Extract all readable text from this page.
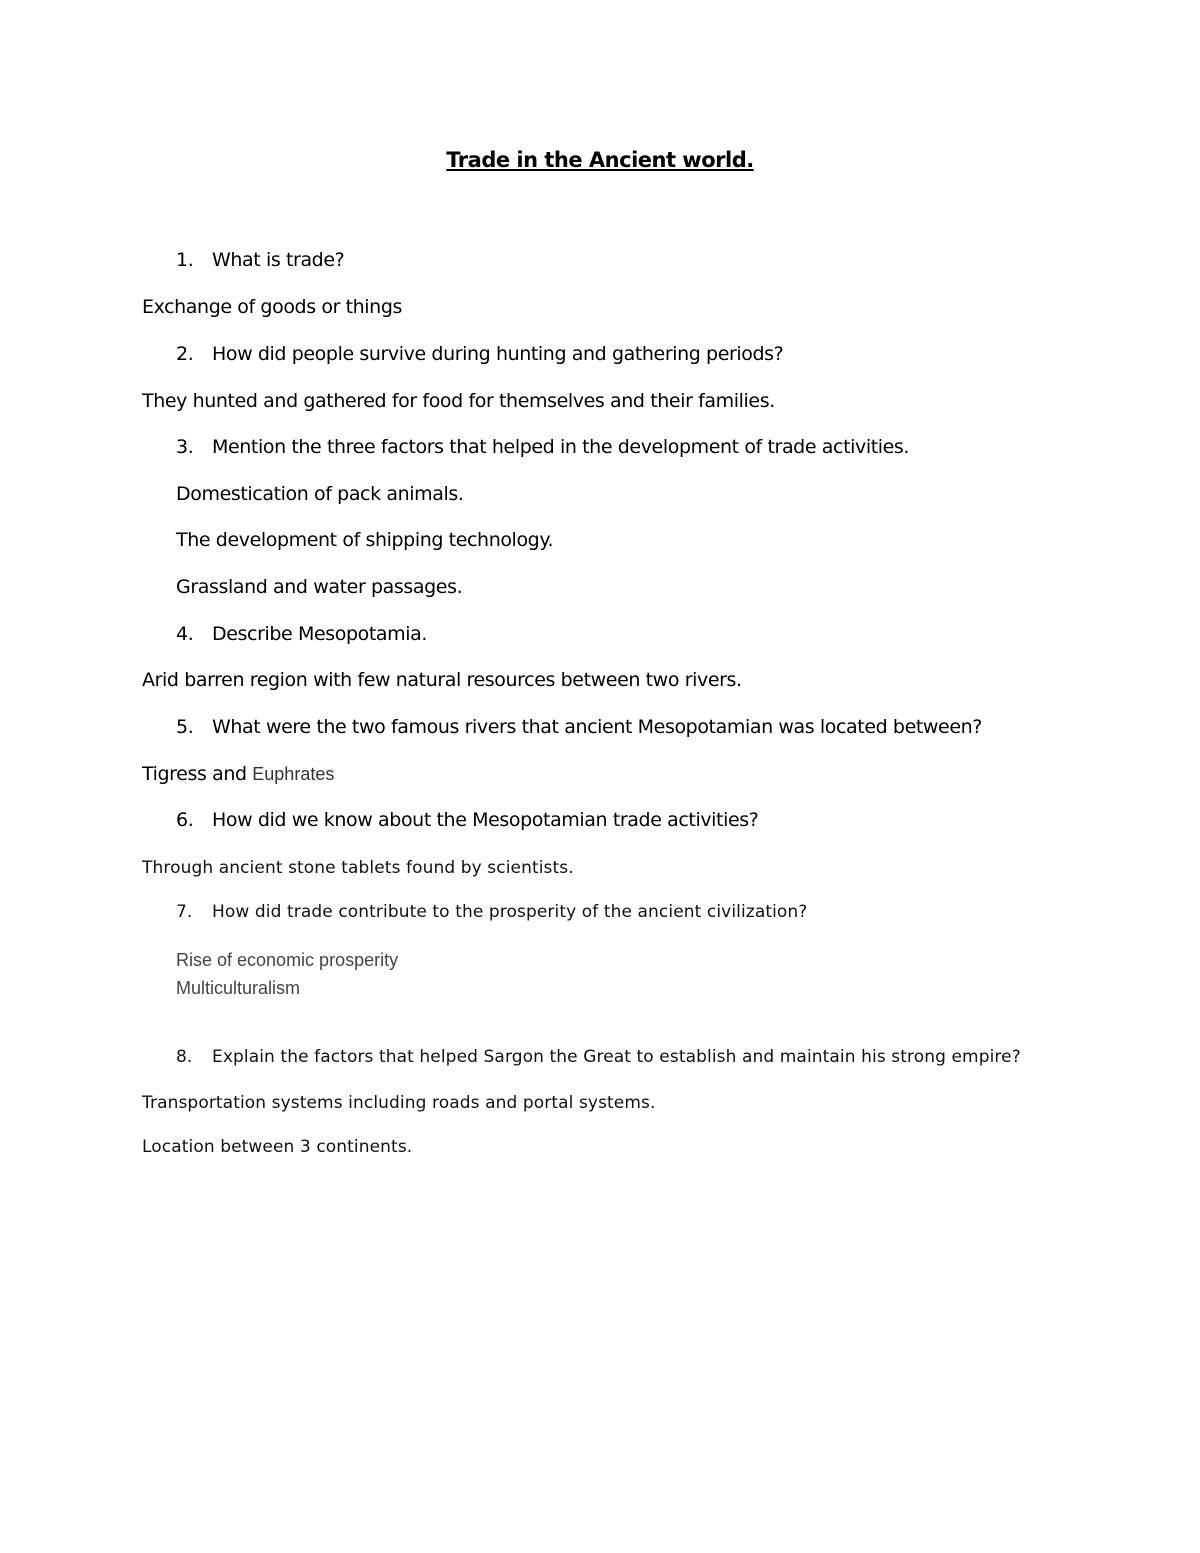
Trade in the Ancient world.
1. What is trade?
Exchange of goods or things
2. How did people survive during hunting and gathering periods?
They hunted and gathered for food for themselves and their families.
3. Mention the three factors that helped in the development of trade activities.
Domestication of pack animals.
The development of shipping technology.
Grassland and water passages.
4. Describe Mesopotamia.
Arid barren region with few natural resources between two rivers.
5. What were the two famous rivers that ancient Mesopotamian was located between?
Tigress and Euphrates
6. How did we know about the Mesopotamian trade activities?
Through ancient stone tablets found by scientists.
7. How did trade contribute to the prosperity of the ancient civilization?
Rise of economic prosperity
Multiculturalism
8. Explain the factors that helped Sargon the Great to establish and maintain his strong empire?
Transportation systems including roads and portal systems.
Location between 3 continents.
